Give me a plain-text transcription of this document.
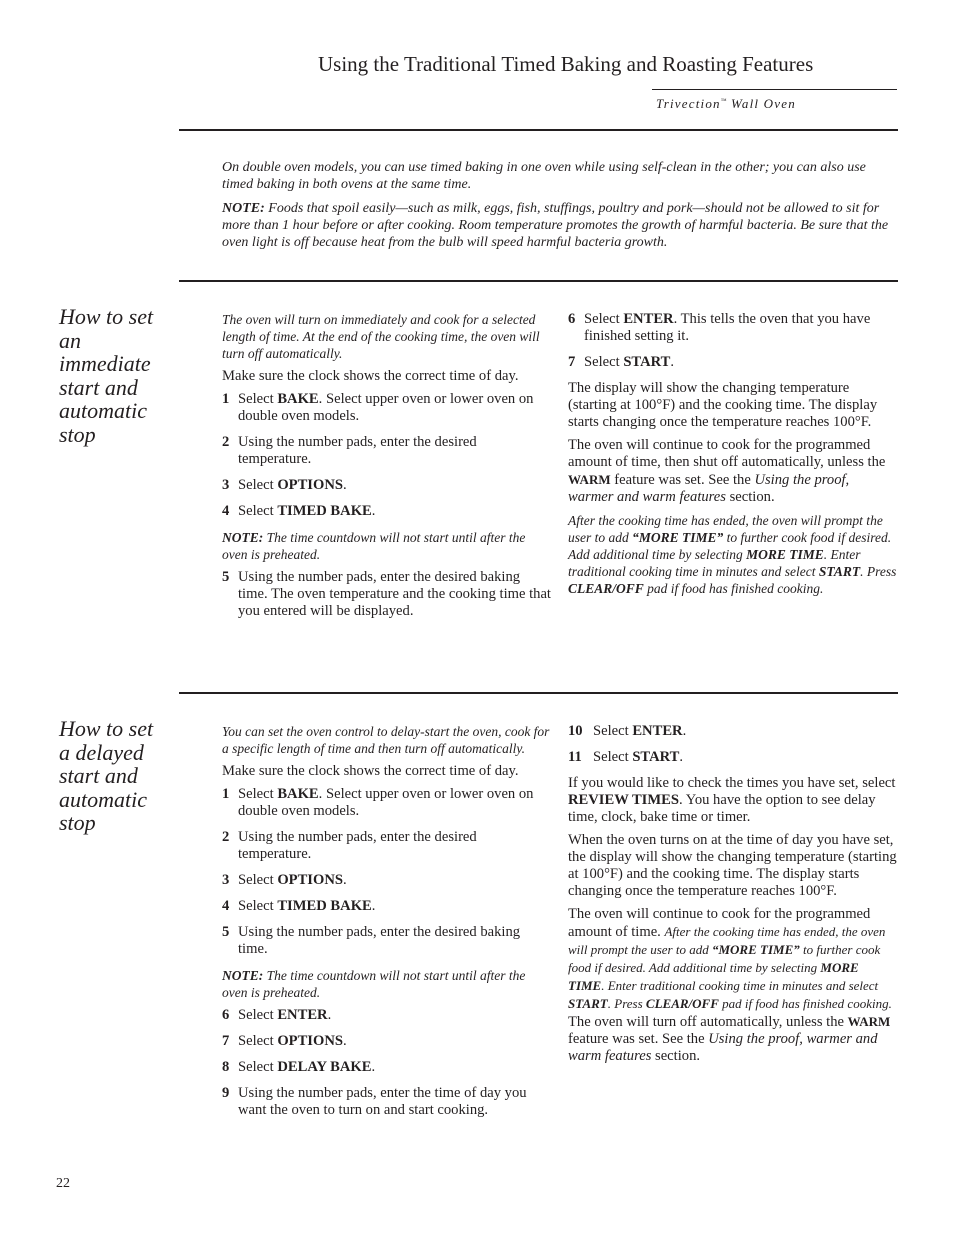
Using the Traditional Timed Baking and Roasting Features
Trivection™ Wall Oven

On double oven models, you can use timed baking in one oven while using self-clean in the other; you can also use timed baking in both ovens at the same time.

NOTE: Foods that spoil easily—such as milk, eggs, fish, stuffings, poultry and pork—should not be allowed to sit for more than 1 hour before or after cooking. Room temperature promotes the growth of harmful bacteria. Be sure that the oven light is off because heat from the bulb will speed harmful bacteria growth.

How to set an immediate start and automatic stop

The oven will turn on immediately and cook for a selected length of time. At the end of the cooking time, the oven will turn off automatically.

Make sure the clock shows the correct time of day.

1 Select BAKE. Select upper oven or lower oven on double oven models.
2 Using the number pads, enter the desired temperature.
3 Select OPTIONS.
4 Select TIMED BAKE.

NOTE: The time countdown will not start until after the oven is preheated.

5 Using the number pads, enter the desired baking time. The oven temperature and the cooking time that you entered will be displayed.
6 Select ENTER. This tells the oven that you have finished setting it.
7 Select START.

The display will show the changing temperature (starting at 100°F) and the cooking time. The display starts changing once the temperature reaches 100°F.

The oven will continue to cook for the programmed amount of time, then shut off automatically, unless the WARM feature was set. See the Using the proof, warmer and warm features section.

After the cooking time has ended, the oven will prompt the user to add “MORE TIME” to further cook food if desired. Add additional time by selecting MORE TIME. Enter traditional cooking time in minutes and select START. Press CLEAR/OFF pad if food has finished cooking.

How to set a delayed start and automatic stop

You can set the oven control to delay-start the oven, cook for a specific length of time and then turn off automatically.

Make sure the clock shows the correct time of day.

1 Select BAKE. Select upper oven or lower oven on double oven models.
2 Using the number pads, enter the desired temperature.
3 Select OPTIONS.
4 Select TIMED BAKE.
5 Using the number pads, enter the desired baking time.

NOTE: The time countdown will not start until after the oven is preheated.

6 Select ENTER.
7 Select OPTIONS.
8 Select DELAY BAKE.
9 Using the number pads, enter the time of day you want the oven to turn on and start cooking.
10 Select ENTER.
11 Select START.

If you would like to check the times you have set, select REVIEW TIMES. You have the option to see delay time, clock, bake time or timer.

When the oven turns on at the time of day you have set, the display will show the changing temperature (starting at 100°F) and the cooking time. The display starts changing once the temperature reaches 100°F.

The oven will continue to cook for the programmed amount of time. After the cooking time has ended, the oven will prompt the user to add “MORE TIME” to further cook food if desired. Add additional time by selecting MORE TIME. Enter traditional cooking time in minutes and select START. Press CLEAR/OFF pad if food has finished cooking. The oven will turn off automatically, unless the WARM feature was set. See the Using the proof, warmer and warm features section.

22
